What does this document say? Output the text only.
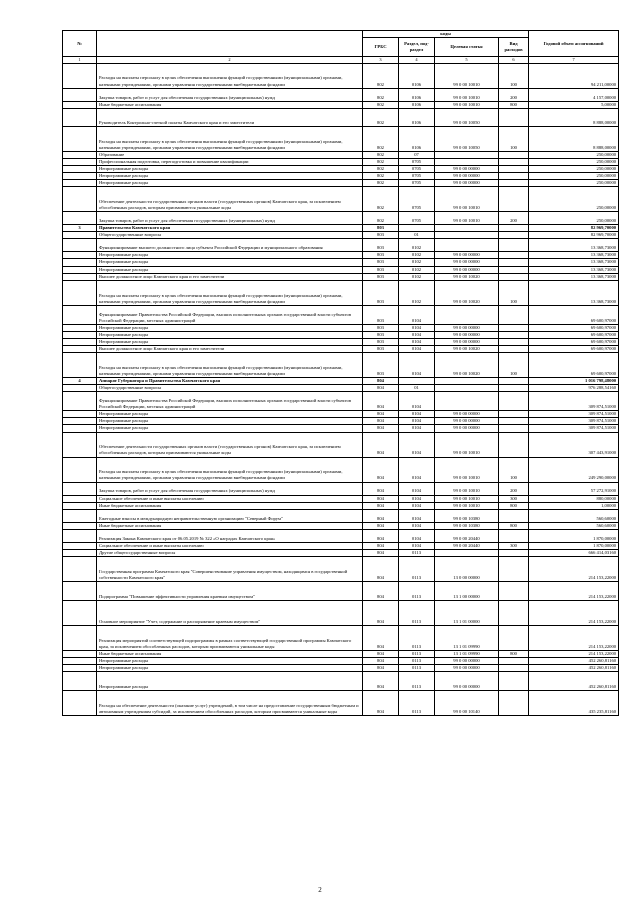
№		коды				Годовой объем ассигнований
		ГРБС	Раздел, под-раздел	Целевая статья	Вид расходов	
1	2	3	4	5	6	7
	Расходы на выплаты персоналу в целях обеспечения выполнения функций государственными (муниципальными) органами, казенными учреждениями, органами управления государственными внебюджетными фондами	802	0106	99 0 00 10010	100	94 211,00000
	Закупка товаров, работ и услуг для обеспечения государственных (муниципальных) нужд	802	0106	99 0 00 10010	200	4 157,00000
	Иные бюджетные ассигнования	802	0106	99 0 00 10010	800	5,00000
	Руководитель Контрольно-счетной палаты Камчатского края и его заместители	802	0106	99 0 00 10050		8 888,00000
	Расходы на выплаты персоналу в целях обеспечения выполнения функций государственными (муниципальными) органами, казенными учреждениями, органами управления государственными внебюджетными фондами	802	0106	99 0 00 10050	100	8 888,00000
	Образование	802	07			250,00000
	Профессиональная подготовка, переподготовка и повышение квалификации	802	0705			250,00000
	Непрограммные расходы	802	0705	99 0 00 00000		250,00000
	Непрограммные расходы	802	0705	99 0 00 00000		250,00000
	Непрограммные расходы	802	0705	99 0 00 00000		250,00000
	Обеспечение деятельности государственных органов власти (государственных органов) Камчатского края, за исключением обособленных расходов, которым присваиваются уникальные коды	802	0705	99 0 00 10010		250,00000
	Закупка товаров, работ и услуг для обеспечения государственных (муниципальных) нужд	802	0705	99 0 00 10010	200	250,00000
3	Правительство Камчатского края	803				82 969,70000
	Общегосударственные вопросы	803	01			82 969,70000
	Функционирование высшего должностного лица субъекта Российской Федерации и муниципального образования	803	0102			13 368,73000
	Непрограммные расходы	803	0102	99 0 00 00000		13 368,73000
	Непрограммные расходы	803	0102	99 0 00 00000		13 368,73000
	Непрограммные расходы	803	0102	99 0 00 00000		13 368,73000
	Высшее должностное лицо Камчатского края и его заместители	803	0102	99 0 00 10020		13 368,73000
	Расходы на выплаты персоналу в целях обеспечения выполнения функций государственными (муниципальными) органами, казенными учреждениями, органами управления государственными внебюджетными фондами	803	0102	99 0 00 10020	100	13 368,73000
	Функционирование Правительства Российской Федерации, высших исполнительных органов государственной власти субъектов Российской Федерации, местных администраций	803	0104			69 600,97000
	Непрограммные расходы	803	0104	99 0 00 00000		69 600,97000
	Непрограммные расходы	803	0104	99 0 00 00000		69 600,97000
	Непрограммные расходы	803	0104	99 0 00 00000		69 600,97000
	Высшее должностное лицо Камчатского края и его заместители	803	0104	99 0 00 10020		69 600,97000
	Расходы на выплаты персоналу в целях обеспечения выполнения функций государственными (муниципальными) органами, казенными учреждениями, органами управления государственными внебюджетными фондами	803	0104	99 0 00 10020	100	69 600,97000
4	Аппарат Губернатора и Правительства Камчатского края	804				1 016 798,48000
	Общегосударственные вопросы	804	01			976 288,54160
	Функционирование Правительства Российской Федерации, высших исполнительных органов государственной власти субъектов Российской Федерации, местных администраций	804	0104			309 874,51000
	Непрограммные расходы	804	0104	99 0 00 00000		309 874,51000
	Непрограммные расходы	804	0104	99 0 00 00000		309 874,51000
	Непрограммные расходы	804	0104	99 0 00 00000		309 874,51000
	Обеспечение деятельности государственных органов власти (государственных органов) Камчатского края, за исключением обособленных расходов, которым присваиваются уникальные коды	804	0104	99 0 00 10010		307 443,91000
	Расходы на выплаты персоналу в целях обеспечения выполнения функций государственными (муниципальными) органами, казенными учреждениями, органами управления государственными внебюджетными фондами	804	0104	99 0 00 10010	100	249 290,00000
	Закупка товаров, работ и услуг для обеспечения государственных (муниципальных) нужд	804	0104	99 0 00 10010	200	57 272,91000
	Социальное обеспечение и иные выплаты населению	804	0104	99 0 00 10010	300	880,00000
	Иные бюджетные ассигнования	804	0104	99 0 00 10010	800	1,00000
	Ежегодные взносы в международную неправительственную организацию "Северный Форум"	804	0104	99 0 00 10380		560,60000
	Иные бюджетные ассигнования	804	0104	99 0 00 10380	800	560,60000
	Реализация Закона Камчатского края от 06.05.2019 № 322 «О наградах Камчатского края»	804	0104	99 0 00 20440		1 870,00000
	Социальное обеспечение и иные выплаты населению	804	0104	99 0 00 20440	300	1 870,00000
	Другие общегосударственные вопросы	804	0113			666 414,03160
	Государственная программа Камчатского края "Совершенствование управления имуществом, находящимся в государственной собственности Камчатского края"	804	0113	13 0 00 00000		214 153,22000
	Подпрограмма "Повышение эффективности управления краевым имуществом"	804	0113	13 1 00 00000		214 153,22000
	Основное мероприятие "Учет, содержание и распоряжение краевым имуществом"	804	0113	13 1 01 00000		214 153,22000
	Реализация мероприятий соответствующей подпрограммы в рамках соответствующей государственной программы Камчатского края, за исключением обособленных расходов, которым присваиваются уникальные коды	804	0113	13 1 01 09990		214 153,22000
	Иные бюджетные ассигнования	804	0113	13 1 01 09990	800	214 153,22000
	Непрограммные расходы	804	0113	99 0 00 00000		452 260,81160
	Непрограммные расходы	804	0113	99 0 00 00000		452 260,81160
	Непрограммные расходы	804	0113	99 0 00 00000		452 260,81160
	Расходы на обеспечение деятельности (оказание услуг) учреждений, в том числе на предоставление государственным бюджетным и автономным учреждениям субсидий, за исключением обособленных расходов, которым присваиваются уникальные коды	804	0113	99 0 00 10140		435 235,81160
2
